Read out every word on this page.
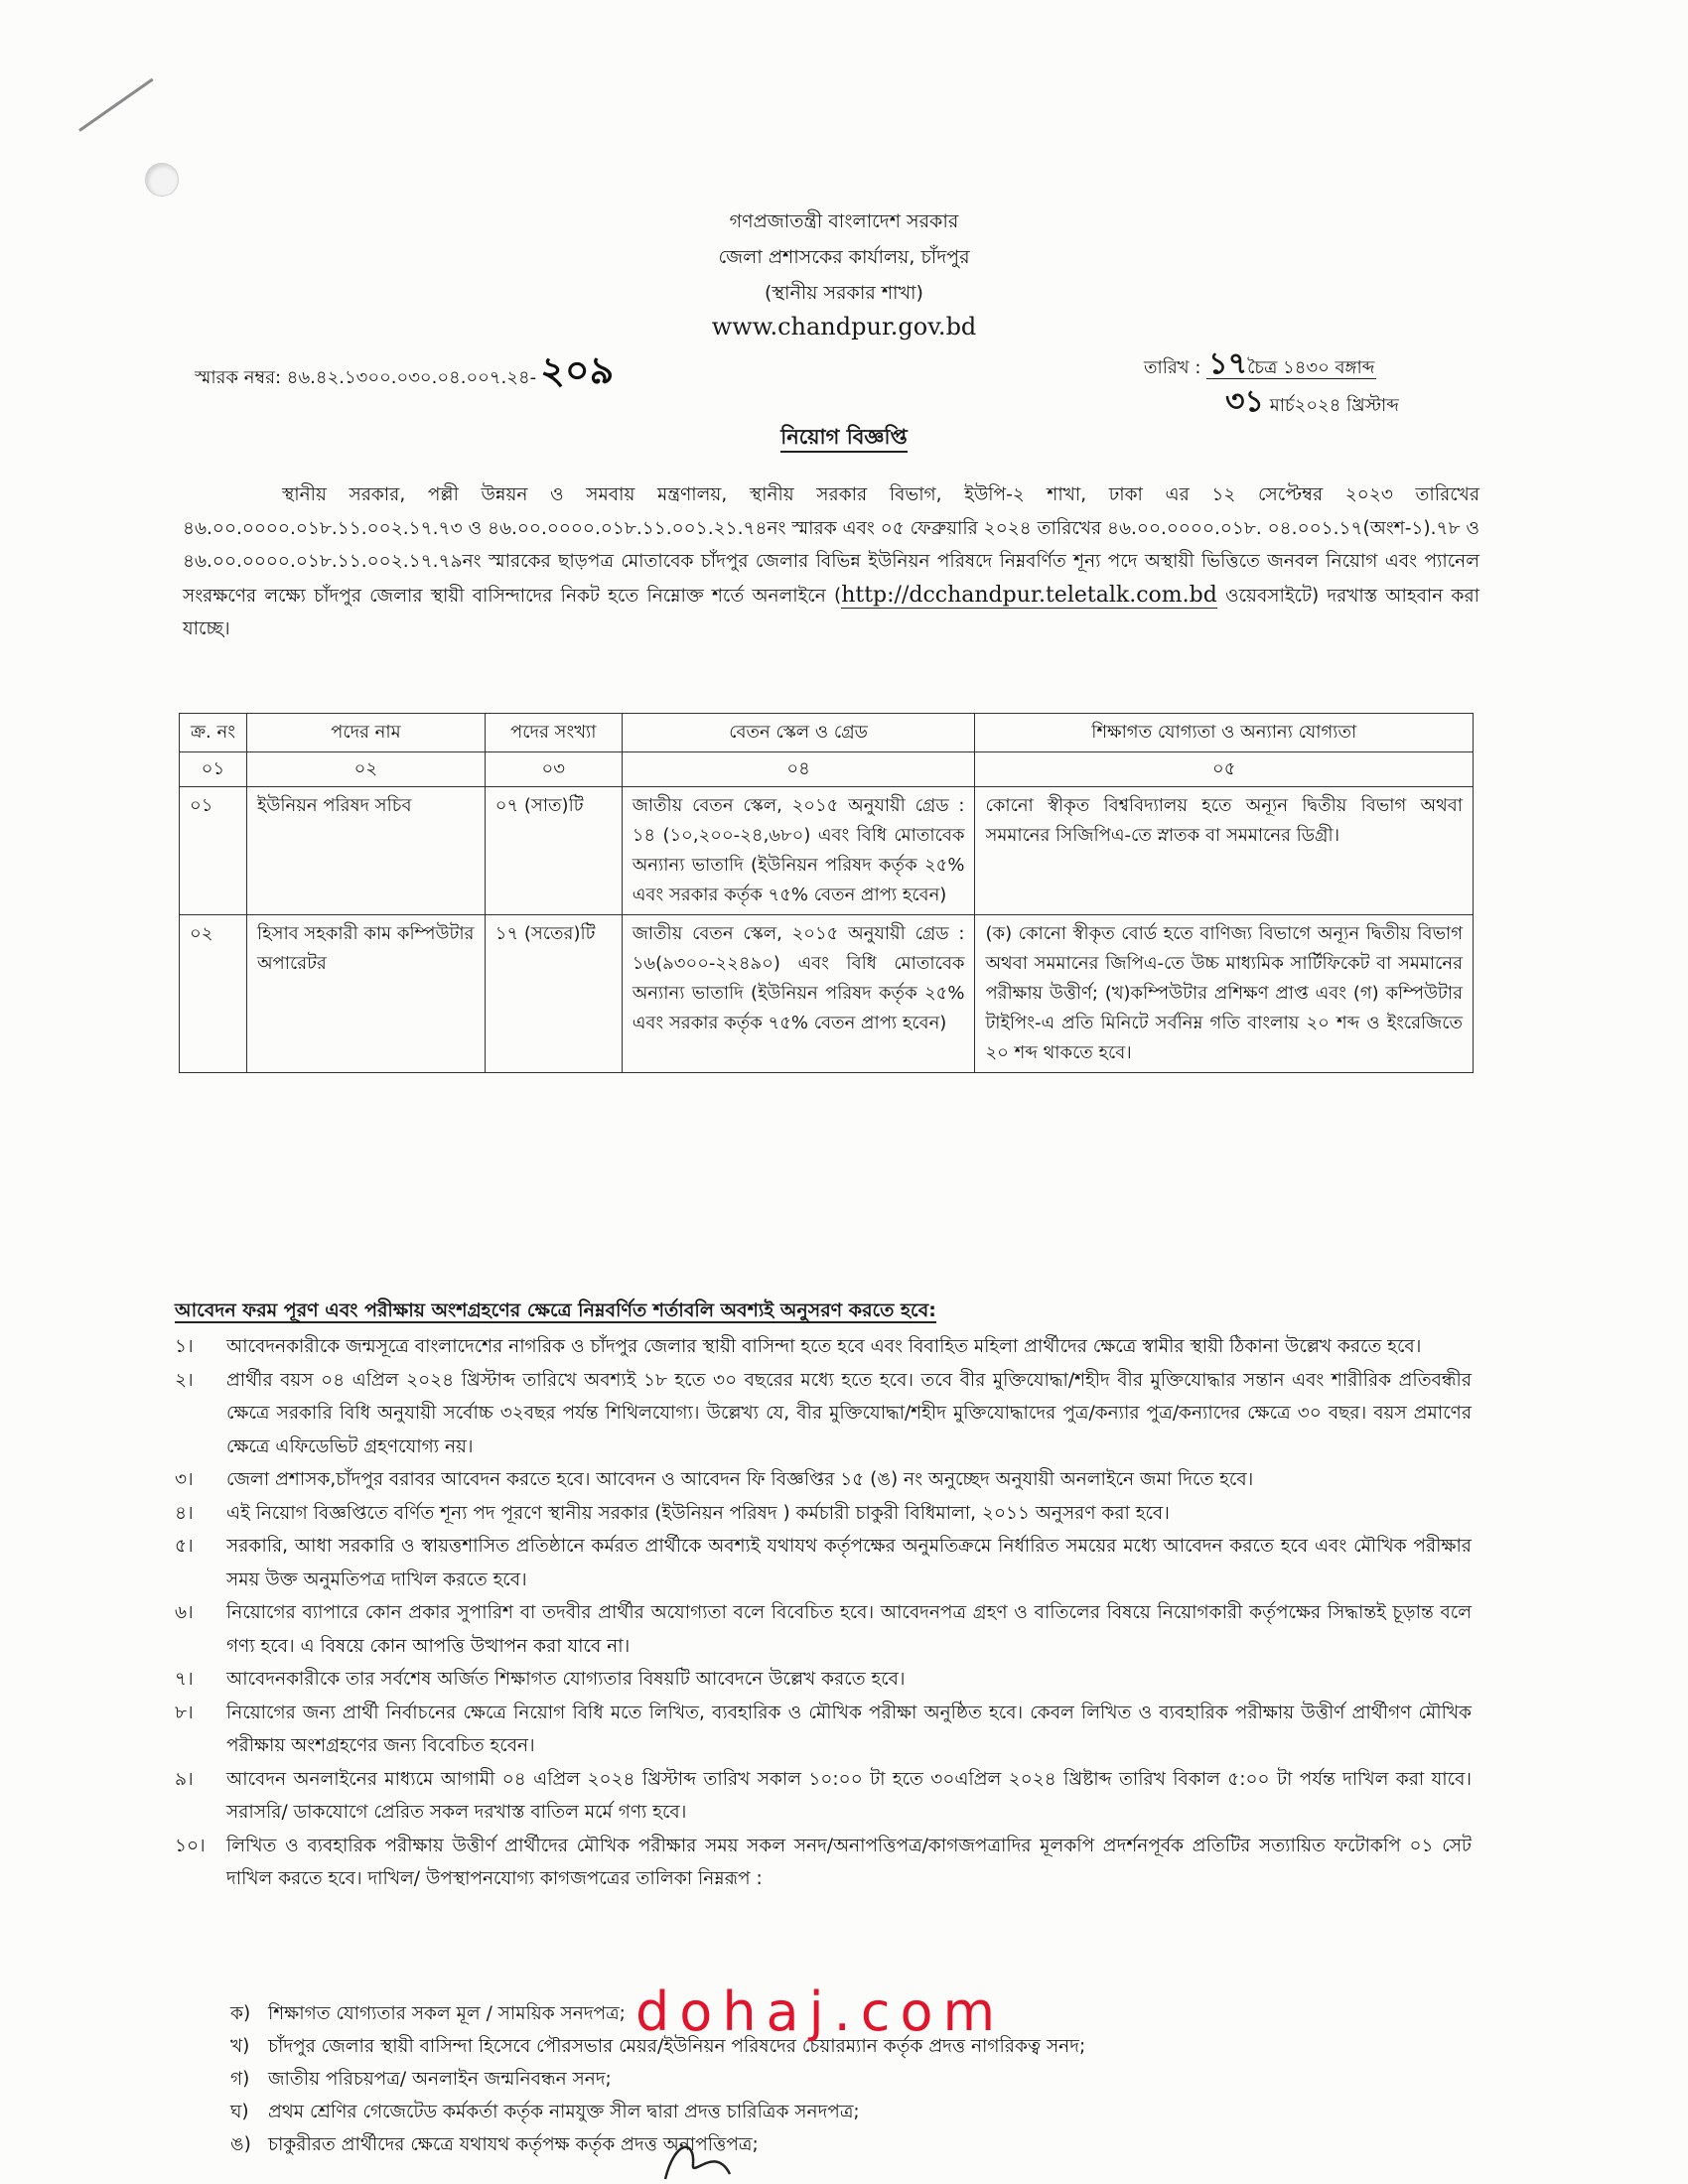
গণপ্রজাতন্ত্রী বাংলাদেশ সরকার
জেলা প্রশাসকের কার্যালয়, চাঁদপুর
(স্থানীয় সরকার শাখা)
www.chandpur.gov.bd
স্মারক নম্বর: ৪৬.৪২.১৩০০.০৩০.০৪.০০৭.২৪- ২০৯	তারিখ : ১৭চৈত্র ১৪৩০ বঙ্গাব্দ
৩১ মার্চ২০২৪ খ্রিস্টাব্দ
নিয়োগ বিজ্ঞপ্তি
স্থানীয় সরকার, পল্লী উন্নয়ন ও সমবায় মন্ত্রণালয়, স্থানীয় সরকার বিভাগ, ইউপি-২ শাখা, ঢাকা এর ১২ সেপ্টেম্বর ২০২৩ তারিখের ৪৬.০০.০০০০.০১৮.১১.০০২.১৭.৭৩ ও ৪৬.০০.০০০০.০১৮.১১.০০১.২১.৭৪নং স্মারক এবং ০৫ ফেব্রুয়ারি ২০২৪ তারিখের ৪৬.০০.০০০০.০১৮. ০৪.০০১.১৭(অংশ-১).৭৮ ও ৪৬.০০.০০০০.০১৮.১১.০০২.১৭.৭৯নং স্মারকের ছাড়পত্র মোতাবেক চাঁদপুর জেলার বিভিন্ন ইউনিয়ন পরিষদে নিম্নবর্ণিত শূন্য পদে অস্থায়ী ভিত্তিতে জনবল নিয়োগ এবং প্যানেল সংরক্ষণের লক্ষ্যে চাঁদপুর জেলার স্থায়ী বাসিন্দাদের নিকট হতে নিম্নোক্ত শর্তে অনলাইনে (http://dcchandpur.teletalk.com.bd ওয়েবসাইটে) দরখাস্ত আহবান করা যাচ্ছে।
ক্র. নং	পদের নাম	পদের সংখ্যা	বেতন স্কেল ও গ্রেড	শিক্ষাগত যোগ্যতা ও অন্যান্য যোগ্যতা
০১	০২	০৩	০৪	০৫
০১	ইউনিয়ন পরিষদ সচিব	০৭ (সাত)টি	জাতীয় বেতন স্কেল, ২০১৫ অনুযায়ী গ্রেড : ১৪ (১০,২০০-২৪,৬৮০) এবং বিধি মোতাবেক অন্যান্য ভাতাদি (ইউনিয়ন পরিষদ কর্তৃক ২৫% এবং সরকার কর্তৃক ৭৫% বেতন প্রাপ্য হবেন)	কোনো স্বীকৃত বিশ্ববিদ্যালয় হতে অন্যূন দ্বিতীয় বিভাগ অথবা সমমানের সিজিপিএ-তে স্নাতক বা সমমানের ডিগ্রী।
০২	হিসাব সহকারী কাম কম্পিউটার অপারেটর	১৭ (সতের)টি	জাতীয় বেতন স্কেল, ২০১৫ অনুযায়ী গ্রেড : ১৬(৯৩০০-২২৪৯০) এবং বিধি মোতাবেক অন্যান্য ভাতাদি (ইউনিয়ন পরিষদ কর্তৃক ২৫% এবং সরকার কর্তৃক ৭৫% বেতন প্রাপ্য হবেন)	(ক) কোনো স্বীকৃত বোর্ড হতে বাণিজ্য বিভাগে অন্যূন দ্বিতীয় বিভাগ অথবা সমমানের জিপিএ-তে উচ্চ মাধ্যমিক সার্টিফিকেট বা সমমানের পরীক্ষায় উত্তীর্ণ; (খ)কম্পিউটার প্রশিক্ষণ প্রাপ্ত এবং (গ) কম্পিউটার টাইপিং-এ প্রতি মিনিটে সর্বনিম্ন গতি বাংলায় ২০ শব্দ ও ইংরেজিতে ২০ শব্দ থাকতে হবে।
আবেদন ফরম পূরণ এবং পরীক্ষায় অংশগ্রহণের ক্ষেত্রে নিম্নবর্ণিত শর্তাবলি অবশ্যই অনুসরণ করতে হবে:
১। আবেদনকারীকে জন্মসূত্রে বাংলাদেশের নাগরিক ও চাঁদপুর জেলার স্থায়ী বাসিন্দা হতে হবে এবং বিবাহিত মহিলা প্রার্থীদের ক্ষেত্রে স্বামীর স্থায়ী ঠিকানা উল্লেখ করতে হবে।
২। প্রার্থীর বয়স ০৪ এপ্রিল ২০২৪ খ্রিস্টাব্দ তারিখে অবশ্যই ১৮ হতে ৩০ বছরের মধ্যে হতে হবে। তবে বীর মুক্তিযোদ্ধা/শহীদ বীর মুক্তিযোদ্ধার সন্তান এবং শারীরিক প্রতিবন্ধীর ক্ষেত্রে সরকারি বিধি অনুযায়ী সর্বোচ্চ ৩২বছর পর্যন্ত শিথিলযোগ্য। উল্লেখ্য যে, বীর মুক্তিযোদ্ধা/শহীদ মুক্তিযোদ্ধাদের পুত্র/কন্যার পুত্র/কন্যাদের ক্ষেত্রে ৩০ বছর। বয়স প্রমাণের ক্ষেত্রে এফিডেভিট গ্রহণযোগ্য নয়।
৩। জেলা প্রশাসক,চাঁদপুর বরাবর আবেদন করতে হবে। আবেদন ও আবেদন ফি বিজ্ঞপ্তির ১৫ (ঙ) নং অনুচ্ছেদ অনুযায়ী অনলাইনে জমা দিতে হবে।
৪। এই নিয়োগ বিজ্ঞপ্তিতে বর্ণিত শূন্য পদ পূরণে স্থানীয় সরকার (ইউনিয়ন পরিষদ ) কর্মচারী চাকুরী বিধিমালা, ২০১১ অনুসরণ করা হবে।
৫। সরকারি, আধা সরকারি ও স্বায়ত্তশাসিত প্রতিষ্ঠানে কর্মরত প্রার্থীকে অবশ্যই যথাযথ কর্তৃপক্ষের অনুমতিক্রমে নির্ধারিত সময়ের মধ্যে আবেদন করতে হবে এবং মৌখিক পরীক্ষার সময় উক্ত অনুমতিপত্র দাখিল করতে হবে।
৬। নিয়োগের ব্যাপারে কোন প্রকার সুপারিশ বা তদবীর প্রার্থীর অযোগ্যতা বলে বিবেচিত হবে। আবেদনপত্র গ্রহণ ও বাতিলের বিষয়ে নিয়োগকারী কর্তৃপক্ষের সিদ্ধান্তই চূড়ান্ত বলে গণ্য হবে। এ বিষয়ে কোন আপত্তি উত্থাপন করা যাবে না।
৭। আবেদনকারীকে তার সর্বশেষ অর্জিত শিক্ষাগত যোগ্যতার বিষয়টি আবেদনে উল্লেখ করতে হবে।
৮। নিয়োগের জন্য প্রার্থী নির্বাচনের ক্ষেত্রে নিয়োগ বিধি মতে লিখিত, ব্যবহারিক ও মৌখিক পরীক্ষা অনুষ্ঠিত হবে। কেবল লিখিত ও ব্যবহারিক পরীক্ষায় উত্তীর্ণ প্রার্থীগণ মৌখিক পরীক্ষায় অংশগ্রহণের জন্য বিবেচিত হবেন।
৯। আবেদন অনলাইনের মাধ্যমে আগামী ০৪ এপ্রিল ২০২৪ খ্রিস্টাব্দ তারিখ সকাল ১০:০০ টা হতে ৩০এপ্রিল ২০২৪ খ্রিষ্টাব্দ তারিখ বিকাল ৫:০০ টা পর্যন্ত দাখিল করা যাবে। সরাসরি/ ডাকযোগে প্রেরিত সকল দরখাস্ত বাতিল মর্মে গণ্য হবে।
১০। লিখিত ও ব্যবহারিক পরীক্ষায় উত্তীর্ণ প্রার্থীদের মৌখিক পরীক্ষার সময় সকল সনদ/অনাপত্তিপত্র/কাগজপত্রাদির মূলকপি প্রদর্শনপূর্বক প্রতিটির সত্যায়িত ফটোকপি ০১ সেট দাখিল করতে হবে। দাখিল/ উপস্থাপনযোগ্য কাগজপত্রের তালিকা নিম্নরূপ :
ক) শিক্ষাগত যোগ্যতার সকল মূল / সাময়িক সনদপত্র;
খ) চাঁদপুর জেলার স্থায়ী বাসিন্দা হিসেবে পৌরসভার মেয়র/ইউনিয়ন পরিষদের চেয়ারম্যান কর্তৃক প্রদত্ত নাগরিকত্ব সনদ;
গ) জাতীয় পরিচয়পত্র/ অনলাইন জন্মনিবন্ধন সনদ;
ঘ) প্রথম শ্রেণির গেজেটেড কর্মকর্তা কর্তৃক নামযুক্ত সীল দ্বারা প্রদত্ত চারিত্রিক সনদপত্র;
ঙ) চাকুরীরত প্রার্থীদের ক্ষেত্রে যথাযথ কর্তৃপক্ষ কর্তৃক প্রদত্ত অনাপত্তিপত্র;
dohaj.com
